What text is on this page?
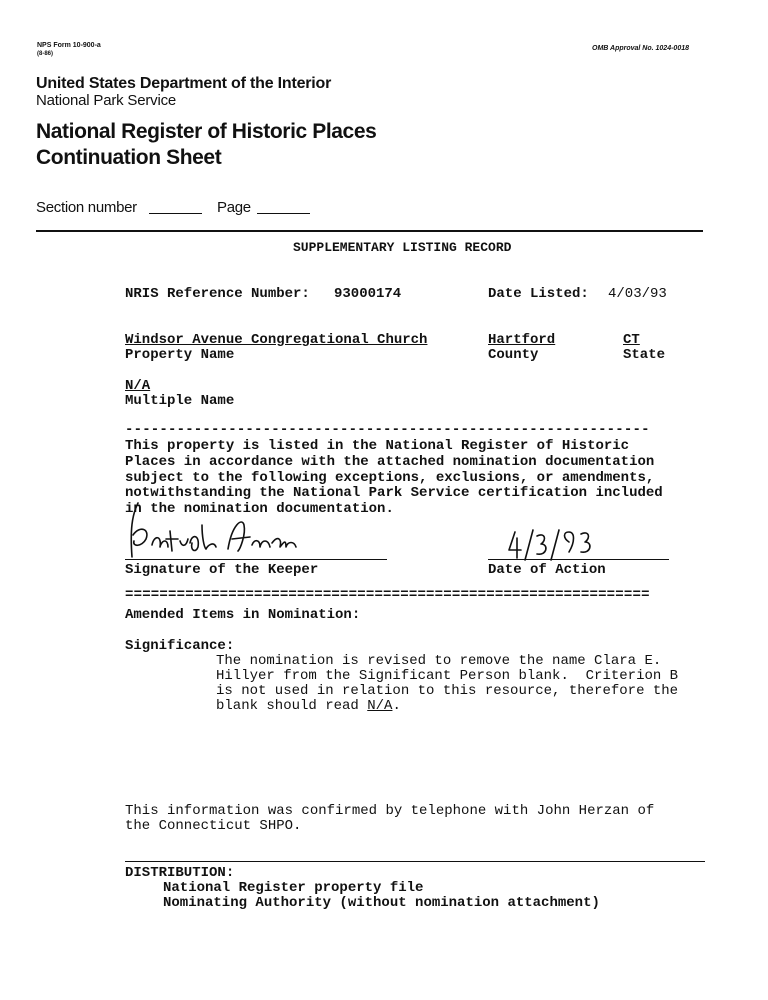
NPS Form 10-900-a
(8-86)
OMB Approval No. 1024-0018
United States Department of the Interior
National Park Service
National Register of Historic Places
Continuation Sheet
Section number	Page
SUPPLEMENTARY LISTING RECORD
NRIS Reference Number: 93000174	Date Listed: 4/03/93
Windsor Avenue Congregational Church
Property Name
Hartford
County
CT
State
N/A
Multiple Name
-------------------------------------------------------------
This property is listed in the National Register of Historic
Places in accordance with the attached nomination documentation
subject to the following exceptions, exclusions, or amendments,
notwithstanding the National Park Service certification included
in the nomination documentation.
Signature of the Keeper	Date of Action
=============================================================
Amended Items in Nomination:
Significance:
The nomination is revised to remove the name Clara E.
Hillyer from the Significant Person blank.  Criterion B
is not used in relation to this resource, therefore the
blank should read N/A.
This information was confirmed by telephone with John Herzan of
the Connecticut SHPO.
DISTRIBUTION:
National Register property file
Nominating Authority (without nomination attachment)
